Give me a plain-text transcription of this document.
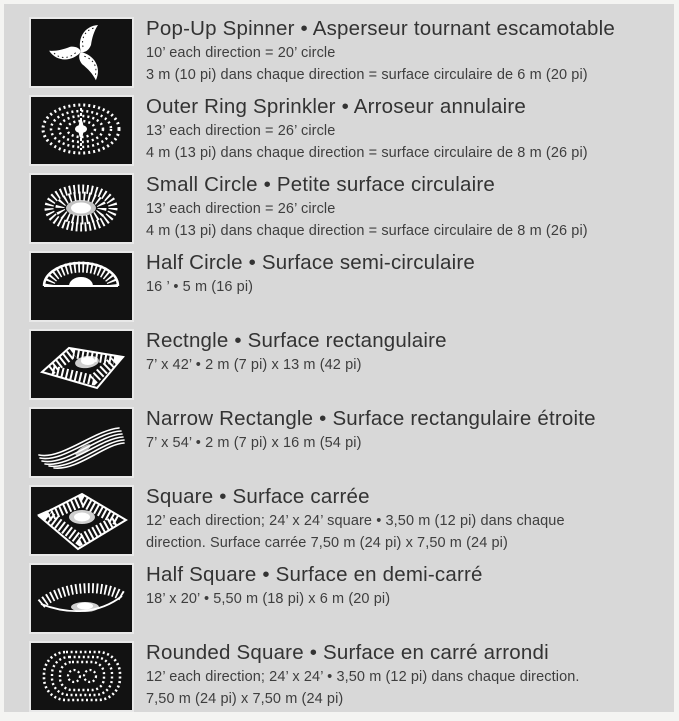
Pop-Up Spinner • Asperseur tournant escamotable
10’ each direction = 20’ circle
3 m (10 pi) dans chaque direction = surface circulaire de 6 m (20 pi)
Outer Ring Sprinkler • Arroseur annulaire
13’ each direction = 26’ circle
4 m (13 pi) dans chaque direction = surface circulaire de 8 m (26 pi)
Small Circle • Petite surface circulaire
13’ each direction = 26’ circle
4 m (13 pi) dans chaque direction = surface circulaire de 8 m (26 pi)
Half Circle • Surface semi-circulaire
16 ’ • 5 m (16 pi)
Rectngle • Surface rectangulaire
7’ x 42’ • 2 m (7 pi) x 13 m (42 pi)
Narrow Rectangle • Surface rectangulaire étroite
7’ x 54’ • 2 m (7 pi) x 16 m (54 pi)
Square • Surface carrée
12’ each direction; 24’ x 24’ square • 3,50 m (12 pi) dans chaque
direction. Surface carrée 7,50 m (24 pi) x 7,50 m (24 pi)
Half Square • Surface en demi-carré
18’ x 20’ • 5,50 m (18 pi) x 6 m (20 pi)
Rounded Square • Surface en carré arrondi
12’ each direction; 24’ x 24’ • 3,50 m (12 pi) dans chaque direction.
7,50 m (24 pi) x 7,50 m (24 pi)
